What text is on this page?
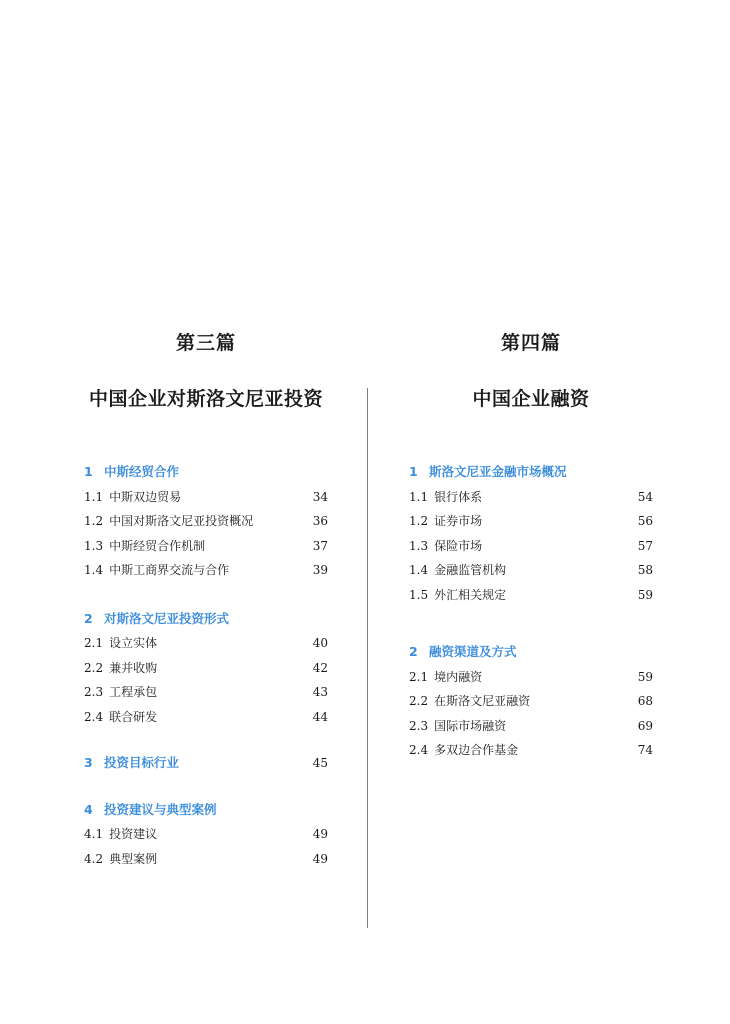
第三篇
中国企业对斯洛文尼亚投资
1 中斯经贸合作
1.1 中斯双边贸易	34
1.2 中国对斯洛文尼亚投资概况	36
1.3 中斯经贸合作机制	37
1.4 中斯工商界交流与合作	39
2 对斯洛文尼亚投资形式
2.1 设立实体	40
2.2 兼并收购	42
2.3 工程承包	43
2.4 联合研发	44
3 投资目标行业	45
4 投资建议与典型案例
4.1 投资建议	49
4.2 典型案例	49
第四篇
中国企业融资
1 斯洛文尼亚金融市场概况
1.1 银行体系	54
1.2 证券市场	56
1.3 保险市场	57
1.4 金融监管机构	58
1.5 外汇相关规定	59
2 融资渠道及方式
2.1 境内融资	59
2.2 在斯洛文尼亚融资	68
2.3 国际市场融资	69
2.4 多双边合作基金	74
